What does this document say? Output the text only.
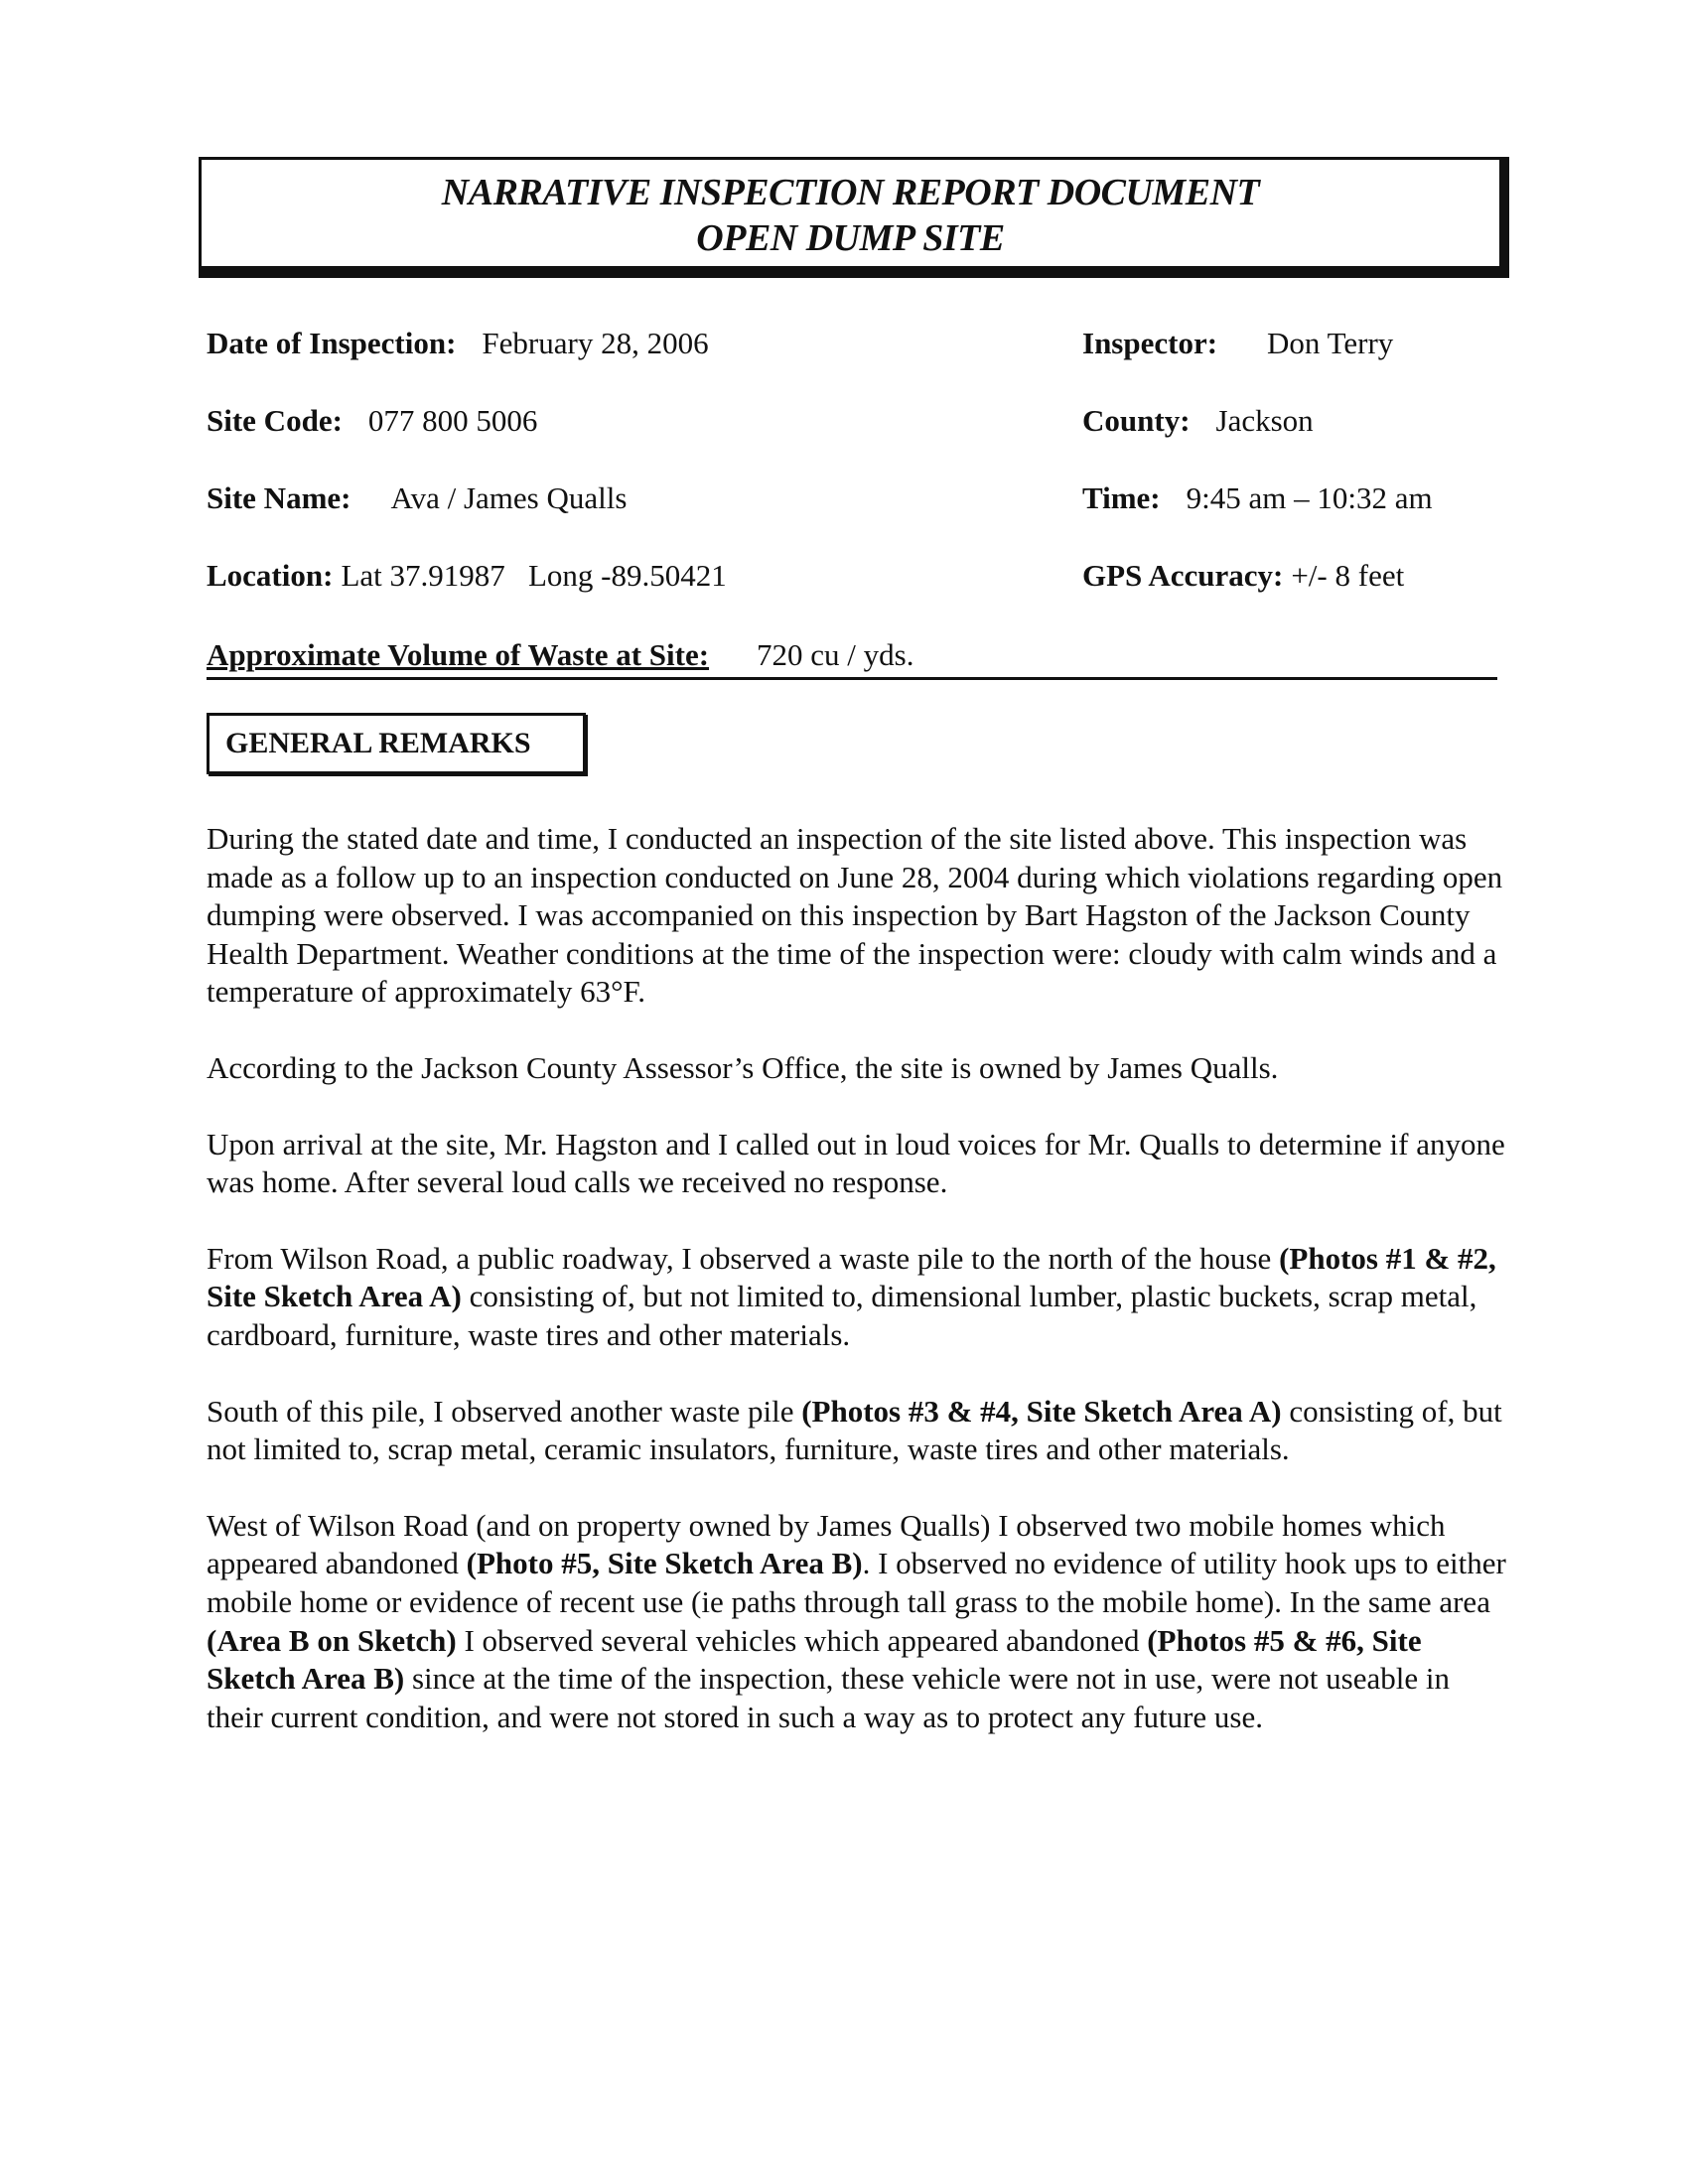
NARRATIVE INSPECTION REPORT DOCUMENT
OPEN DUMP SITE
Date of Inspection: February 28, 2006	Inspector: Don Terry
Site Code: 077 800 5006	County: Jackson
Site Name: Ava / James Qualls	Time: 9:45 am – 10:32 am
Location: Lat 37.91987   Long -89.50421	GPS Accuracy: +/- 8 feet
Approximate Volume of Waste at Site: 720 cu / yds.
GENERAL REMARKS

During the stated date and time, I conducted an inspection of the site listed above. This inspection was made as a follow up to an inspection conducted on June 28, 2004 during which violations regarding open dumping were observed. I was accompanied on this inspection by Bart Hagston of the Jackson County Health Department. Weather conditions at the time of the inspection were: cloudy with calm winds and a temperature of approximately 63°F.

According to the Jackson County Assessor’s Office, the site is owned by James Qualls.

Upon arrival at the site, Mr. Hagston and I called out in loud voices for Mr. Qualls to determine if anyone was home. After several loud calls we received no response.

From Wilson Road, a public roadway, I observed a waste pile to the north of the house (Photos #1 & #2, Site Sketch Area A) consisting of, but not limited to, dimensional lumber, plastic buckets, scrap metal, cardboard, furniture, waste tires and other materials.

South of this pile, I observed another waste pile (Photos #3 & #4, Site Sketch Area A) consisting of, but not limited to, scrap metal, ceramic insulators, furniture, waste tires and other materials.

West of Wilson Road (and on property owned by James Qualls) I observed two mobile homes which appeared abandoned (Photo #5, Site Sketch Area B). I observed no evidence of utility hook ups to either mobile home or evidence of recent use (ie paths through tall grass to the mobile home). In the same area (Area B on Sketch) I observed several vehicles which appeared abandoned (Photos #5 & #6, Site Sketch Area B) since at the time of the inspection, these vehicle were not in use, were not useable in their current condition, and were not stored in such a way as to protect any future use.
